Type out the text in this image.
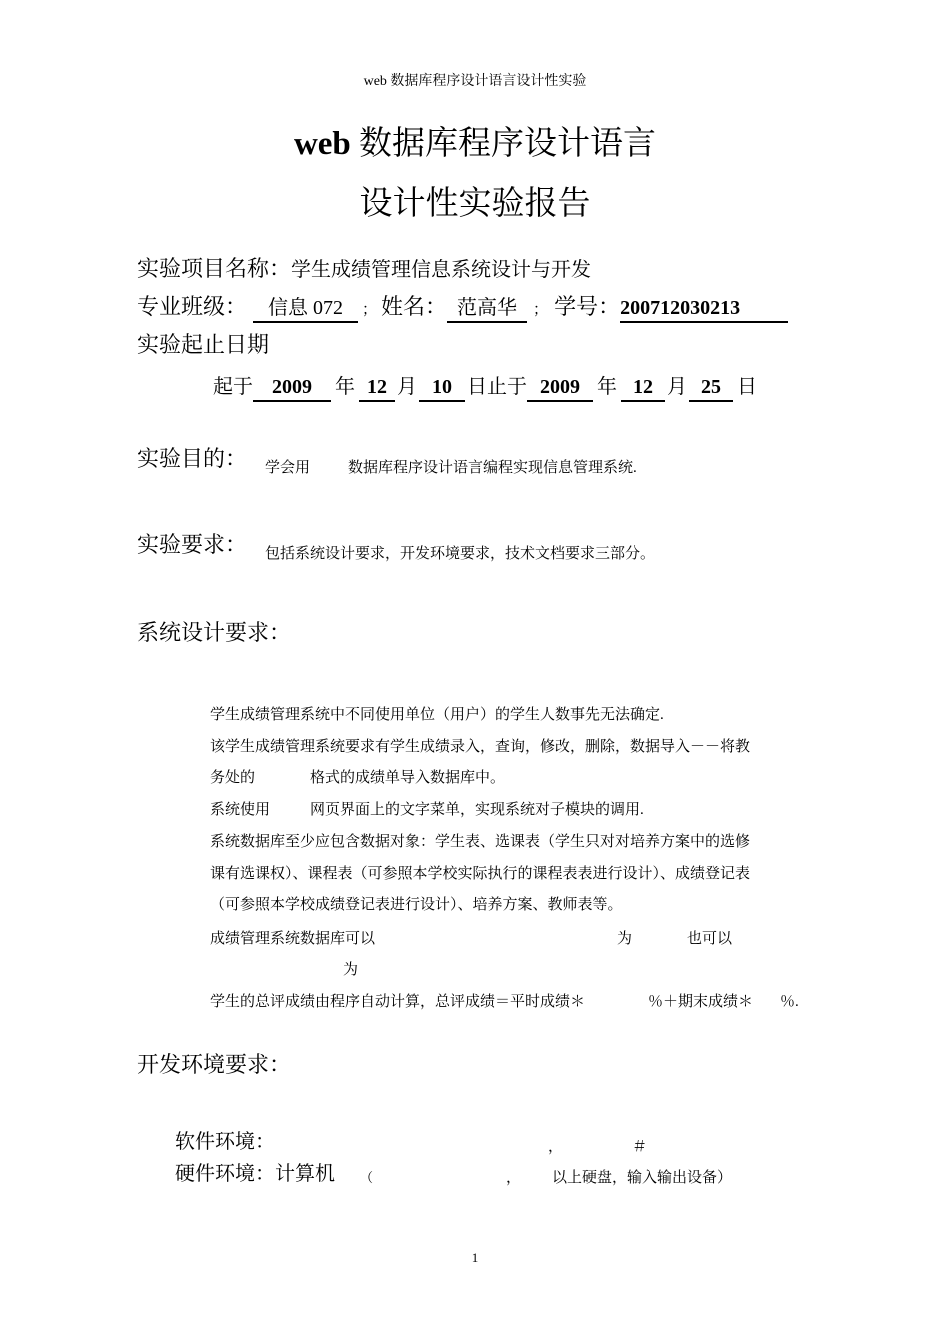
web 数据库程序设计语言设计性实验
web 数据库程序设计语言
设计性实验报告
实验项目名称：学生成绩管理信息系统设计与开发
专业班级： 信息 072 ； 姓名： 范高华 ； 学号：200712030213
实验起止日期
起于 2009 年 12 月 10 日止于 2009 年 12 月 25 日
实验目的： 学会用	数据库程序设计语言编程实现信息管理系统.
实验要求： 包括系统设计要求，开发环境要求，技术文档要求三部分。
系统设计要求：
学生成绩管理系统中不同使用单位（用户）的学生人数事先无法确定.
该学生成绩管理系统要求有学生成绩录入，查询，修改，删除，数据导入－－将教
务处的	格式的成绩单导入数据库中。
系统使用	网页界面上的文字菜单，实现系统对子模块的调用.
系统数据库至少应包含数据对象：学生表、选课表（学生只对对培养方案中的选修
课有选课权）、课程表（可参照本学校实际执行的课程表表进行设计）、成绩登记表
（可参照本学校成绩登记表进行设计）、培养方案、教师表等。
成绩管理系统数据库可以	为	也可以
为
学生的总评成绩由程序自动计算，总评成绩＝平时成绩＊	％＋期末成绩＊ ％.
开发环境要求：
软件环境：	，	＃
硬件环境：计算机 （	， 以上硬盘，输入输出设备）
1
